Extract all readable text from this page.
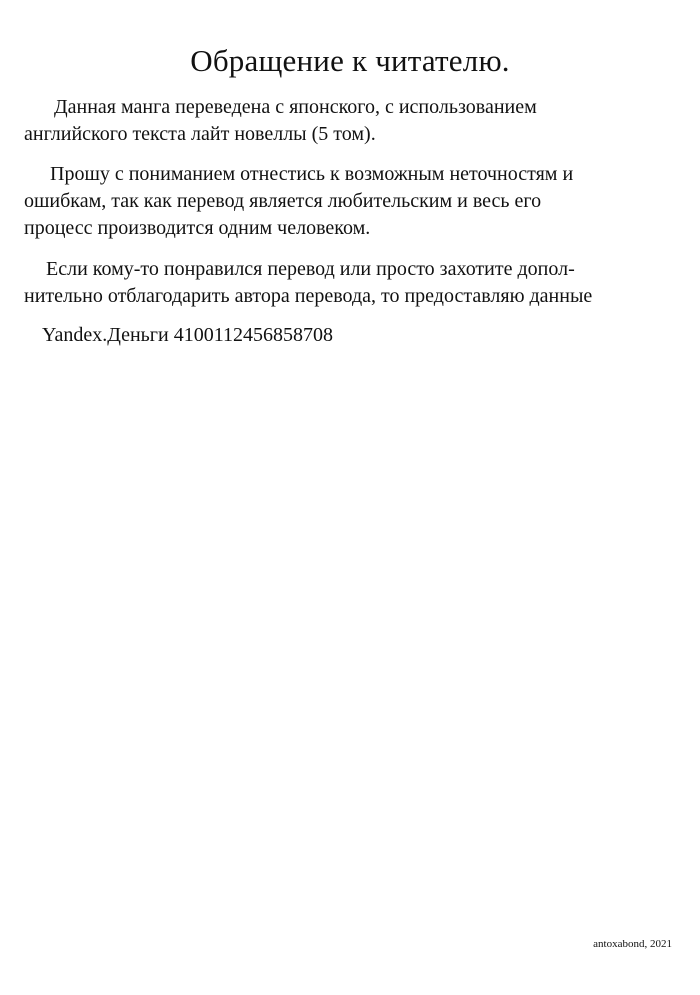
Обращение к читателю.

Данная манга переведена с японского, с использованием
английского текста лайт новеллы (5 том).

Прошу с пониманием отнестись к возможным неточностям и
ошибкам, так как перевод является любительским и весь его
процесс производится одним человеком.

Если кому-то понравился перевод или просто захотите допол-
нительно отблагодарить автора перевода, то предоставляю данные

Yandex.Деньги 4100112456858708

antoxabond, 2021
